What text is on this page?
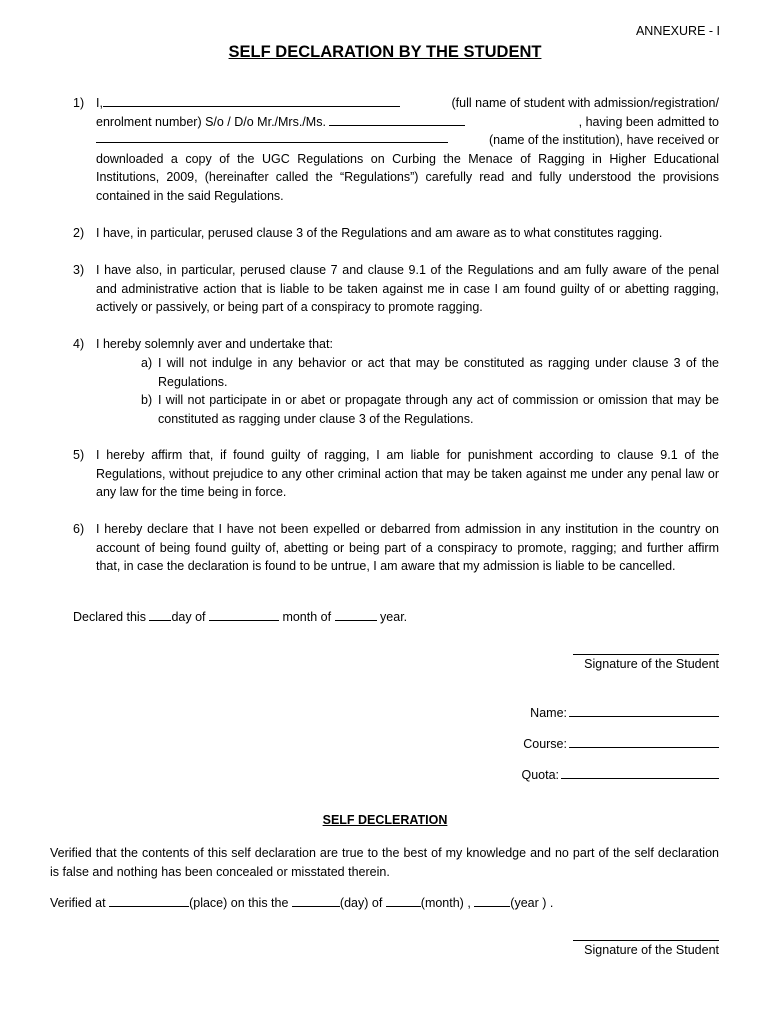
ANNEXURE - I
SELF DECLARATION BY THE STUDENT
1) I,	(full name of student with admission/registration/
enrolment number) S/o / D/o Mr./Mrs./Ms.	, having been admitted to
(name of the institution), have received or
downloaded a copy of the UGC Regulations on Curbing the Menace of Ragging in Higher Educational Institutions, 2009, (hereinafter called the “Regulations”) carefully read and fully understood the provisions contained in the said Regulations.
2) I have, in particular, perused clause 3 of the Regulations and am aware as to what constitutes ragging.
3) I have also, in particular, perused clause 7 and clause 9.1 of the Regulations and am fully aware of the penal and administrative action that is liable to be taken against me in case I am found guilty of or abetting ragging, actively or passively, or being part of a conspiracy to promote ragging.
4) I hereby solemnly aver and undertake that:
a) I will not indulge in any behavior or act that may be constituted as ragging under clause 3 of the Regulations.
b) I will not participate in or abet or propagate through any act of commission or omission that may be constituted as ragging under clause 3 of the Regulations.
5) I hereby affirm that, if found guilty of ragging, I am liable for punishment according to clause 9.1 of the Regulations, without prejudice to any other criminal action that may be taken against me under any penal law or any law for the time being in force.
6) I hereby declare that I have not been expelled or debarred from admission in any institution in the country on account of being found guilty of, abetting or being part of a conspiracy to promote, ragging; and further affirm that, in case the declaration is found to be untrue, I am aware that my admission is liable to be cancelled.
Declared this day of	month of	year.
Signature of the Student
Name:
Course:
Quota:
SELF DECLERATION
Verified that the contents of this self declaration are true to the best of my knowledge and no part of the self declaration is false and nothing has been concealed or misstated therein.
Verified at	(place) on this the	(day) of	(month) ,	(year ) .
Signature of the Student
